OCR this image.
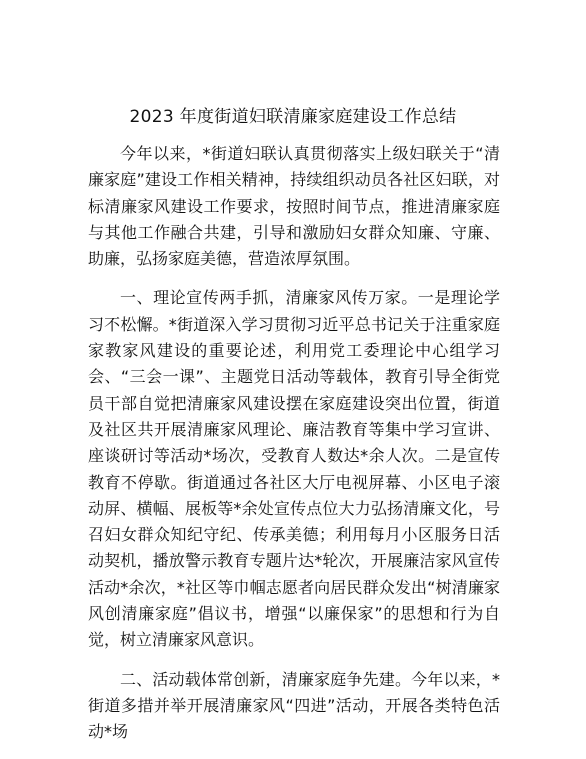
2023 年度街道妇联清廉家庭建设工作总结

今年以来，*街道妇联认真贯彻落实上级妇联关于“清廉家庭”建设工作相关精神，持续组织动员各社区妇联，对标清廉家风建设工作要求，按照时间节点，推进清廉家庭与其他工作融合共建，引导和激励妇女群众知廉、守廉、助廉，弘扬家庭美德，营造浓厚氛围。

一、理论宣传两手抓，清廉家风传万家。一是理论学习不松懈。*街道深入学习贯彻习近平总书记关于注重家庭家教家风建设的重要论述，利用党工委理论中心组学习会、“三会一课”、主题党日活动等载体，教育引导全街党员干部自觉把清廉家风建设摆在家庭建设突出位置，街道及社区共开展清廉家风理论、廉洁教育等集中学习宣讲、座谈研讨等活动*场次，受教育人数达*余人次。二是宣传教育不停歇。街道通过各社区大厅电视屏幕、小区电子滚动屏、横幅、展板等*余处宣传点位大力弘扬清廉文化，号召妇女群众知纪守纪、传承美德；利用每月小区服务日活动契机，播放警示教育专题片达*轮次，开展廉洁家风宣传活动*余次，*社区等巾帼志愿者向居民群众发出“树清廉家风创清廉家庭”倡议书，增强“以廉保家”的思想和行为自觉，树立清廉家风意识。

二、活动载体常创新，清廉家庭争先建。今年以来，*街道多措并举开展清廉家风“四进”活动，开展各类特色活动*场
